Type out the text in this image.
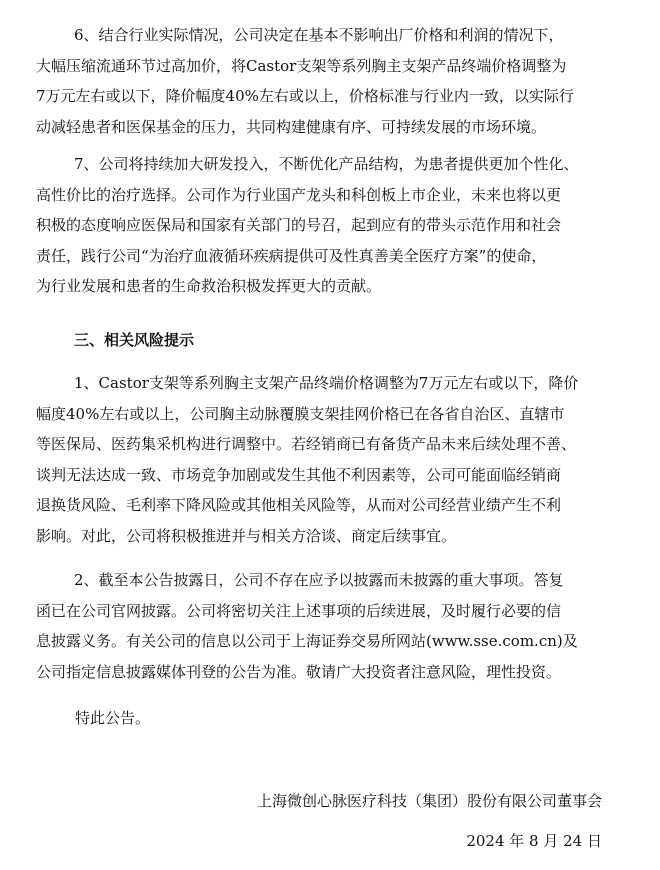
6、结合行业实际情况，公司决定在基本不影响出厂价格和利润的情况下，
大幅压缩流通环节过高加价，将Castor支架等系列胸主支架产品终端价格调整为
7万元左右或以下，降价幅度40%左右或以上，价格标准与行业内一致，以实际行
动减轻患者和医保基金的压力，共同构建健康有序、可持续发展的市场环境。
7、公司将持续加大研发投入，不断优化产品结构，为患者提供更加个性化、
高性价比的治疗选择。公司作为行业国产龙头和科创板上市企业，未来也将以更
积极的态度响应医保局和国家有关部门的号召，起到应有的带头示范作用和社会
责任，践行公司“为治疗血液循环疾病提供可及性真善美全医疗方案”的使命，
为行业发展和患者的生命救治积极发挥更大的贡献。
三、相关风险提示
1、Castor支架等系列胸主支架产品终端价格调整为7万元左右或以下，降价
幅度40%左右或以上，公司胸主动脉覆膜支架挂网价格已在各省自治区、直辖市
等医保局、医药集采机构进行调整中。若经销商已有备货产品未来后续处理不善、
谈判无法达成一致、市场竞争加剧或发生其他不利因素等，公司可能面临经销商
退换货风险、毛利率下降风险或其他相关风险等，从而对公司经营业绩产生不利
影响。对此，公司将积极推进并与相关方洽谈、商定后续事宜。
2、截至本公告披露日，公司不存在应予以披露而未披露的重大事项。答复
函已在公司官网披露。公司将密切关注上述事项的后续进展，及时履行必要的信
息披露义务。有关公司的信息以公司于上海证券交易所网站(www.sse.com.cn)及
公司指定信息披露媒体刊登的公告为准。敬请广大投资者注意风险，理性投资。
特此公告。
上海微创心脉医疗科技（集团）股份有限公司董事会
2024 年 8 月 24 日
